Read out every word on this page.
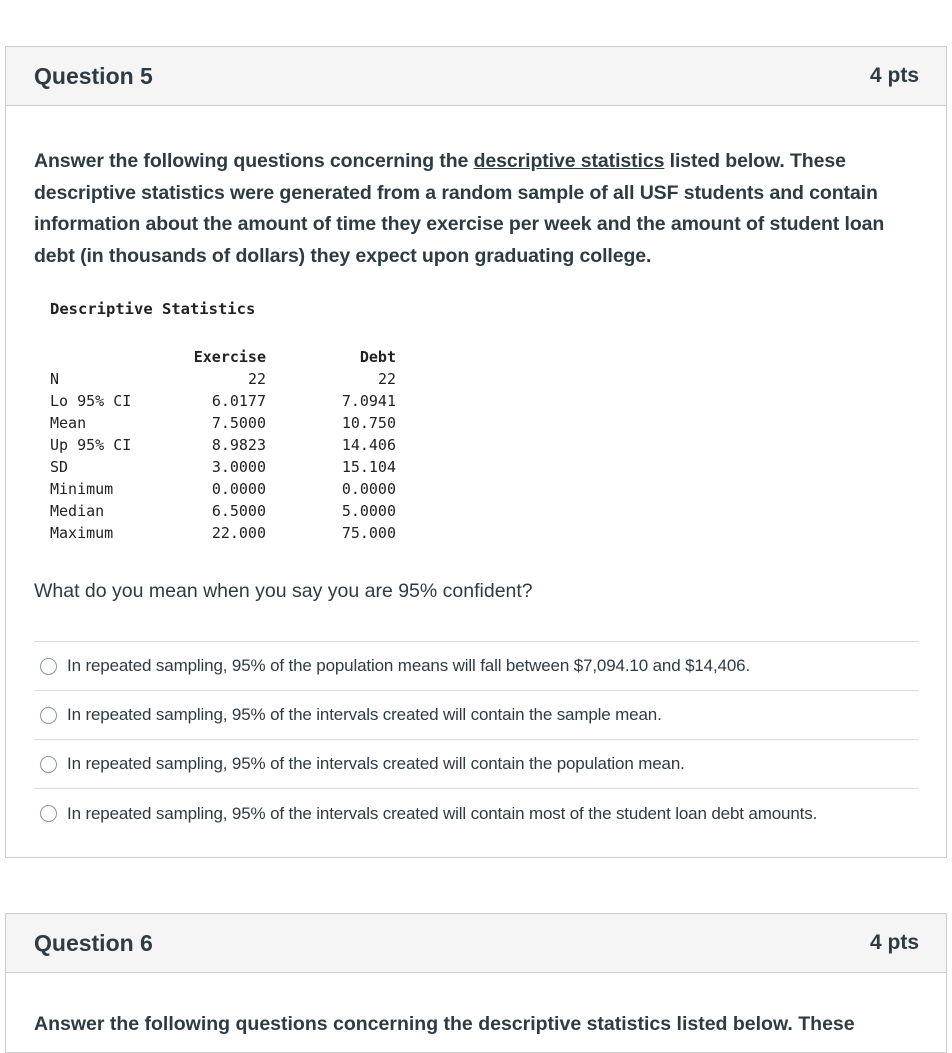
Question 5	4 pts

Answer the following questions concerning the descriptive statistics listed below. These descriptive statistics were generated from a random sample of all USF students and contain information about the amount of time they exercise per week and the amount of student loan debt (in thousands of dollars) they expect upon graduating college.

Descriptive Statistics
	Exercise	Debt
N	22	22
Lo 95% CI	6.0177	7.0941
Mean	7.5000	10.750
Up 95% CI	8.9823	14.406
SD	3.0000	15.104
Minimum	0.0000	0.0000
Median	6.5000	5.0000
Maximum	22.000	75.000

What do you mean when you say you are 95% confident?

In repeated sampling, 95% of the population means will fall between $7,094.10 and $14,406.
In repeated sampling, 95% of the intervals created will contain the sample mean.
In repeated sampling, 95% of the intervals created will contain the population mean.
In repeated sampling, 95% of the intervals created will contain most of the student loan debt amounts.
Question 6	4 pts
Answer the following questions concerning the descriptive statistics listed below. These
